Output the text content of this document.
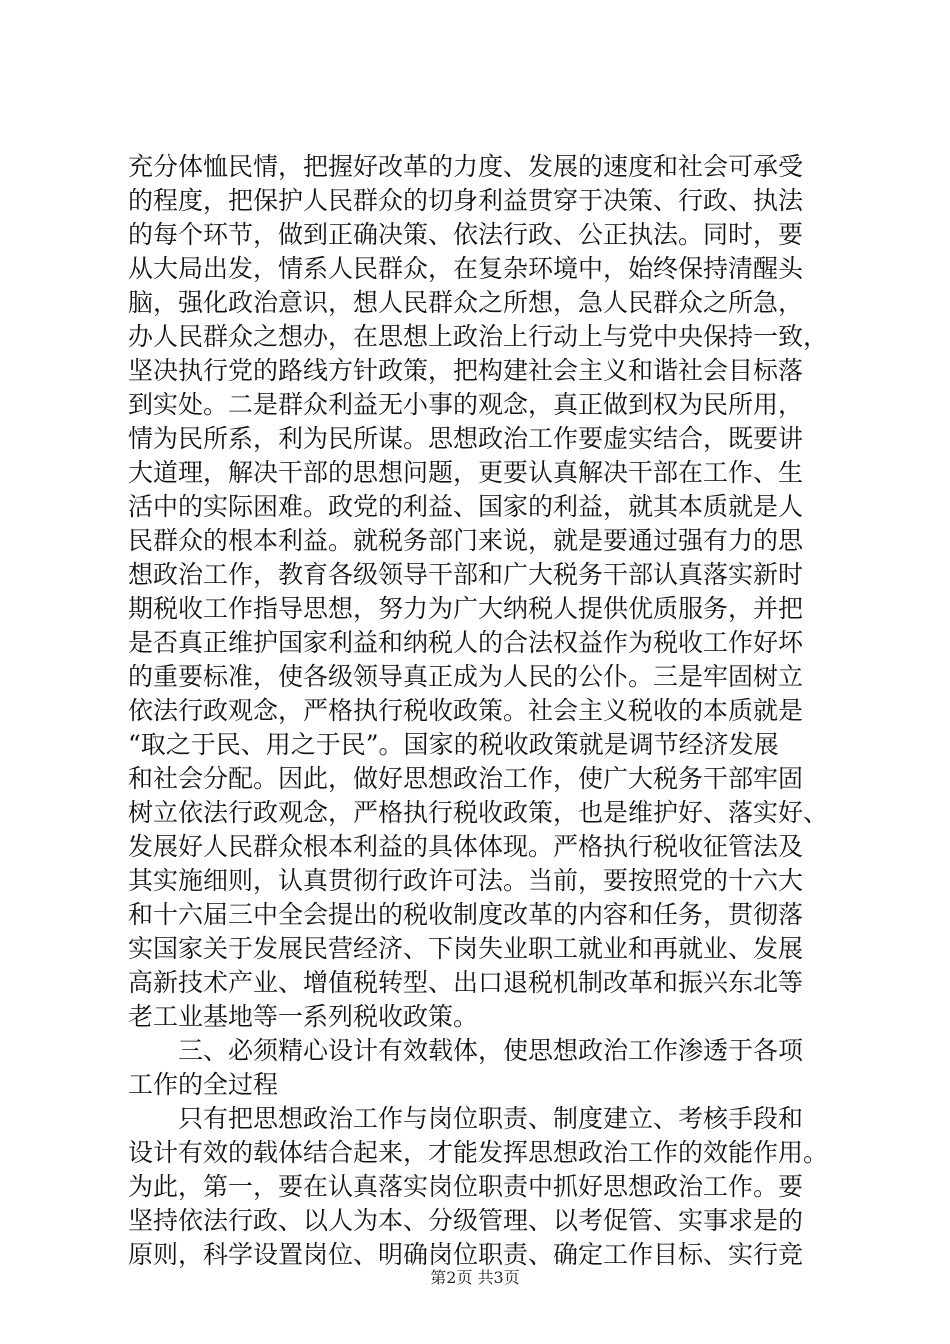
充分体恤民情，把握好改革的力度、发展的速度和社会可承受
的程度，把保护人民群众的切身利益贯穿于决策、行政、执法
的每个环节，做到正确决策、依法行政、公正执法。同时，要
从大局出发，情系人民群众，在复杂环境中，始终保持清醒头
脑，强化政治意识，想人民群众之所想，急人民群众之所急，
办人民群众之想办，在思想上政治上行动上与党中央保持一致，
坚决执行党的路线方针政策，把构建社会主义和谐社会目标落
到实处。二是群众利益无小事的观念，真正做到权为民所用，
情为民所系，利为民所谋。思想政治工作要虚实结合，既要讲
大道理，解决干部的思想问题，更要认真解决干部在工作、生
活中的实际困难。政党的利益、国家的利益，就其本质就是人
民群众的根本利益。就税务部门来说，就是要通过强有力的思
想政治工作，教育各级领导干部和广大税务干部认真落实新时
期税收工作指导思想，努力为广大纳税人提供优质服务，并把
是否真正维护国家利益和纳税人的合法权益作为税收工作好坏
的重要标准，使各级领导真正成为人民的公仆。三是牢固树立
依法行政观念，严格执行税收政策。社会主义税收的本质就是
“取之于民、用之于民”。国家的税收政策就是调节经济发展
和社会分配。因此，做好思想政治工作，使广大税务干部牢固
树立依法行政观念，严格执行税收政策，也是维护好、落实好、
发展好人民群众根本利益的具体体现。严格执行税收征管法及
其实施细则，认真贯彻行政许可法。当前，要按照党的十六大
和十六届三中全会提出的税收制度改革的内容和任务，贯彻落
实国家关于发展民营经济、下岗失业职工就业和再就业、发展
高新技术产业、增值税转型、出口退税机制改革和振兴东北等
老工业基地等一系列税收政策。
三、必须精心设计有效载体，使思想政治工作渗透于各项
工作的全过程
只有把思想政治工作与岗位职责、制度建立、考核手段和
设计有效的载体结合起来，才能发挥思想政治工作的效能作用。
为此，第一，要在认真落实岗位职责中抓好思想政治工作。要
坚持依法行政、以人为本、分级管理、以考促管、实事求是的
原则，科学设置岗位、明确岗位职责、确定工作目标、实行竞
第2页 共3页
